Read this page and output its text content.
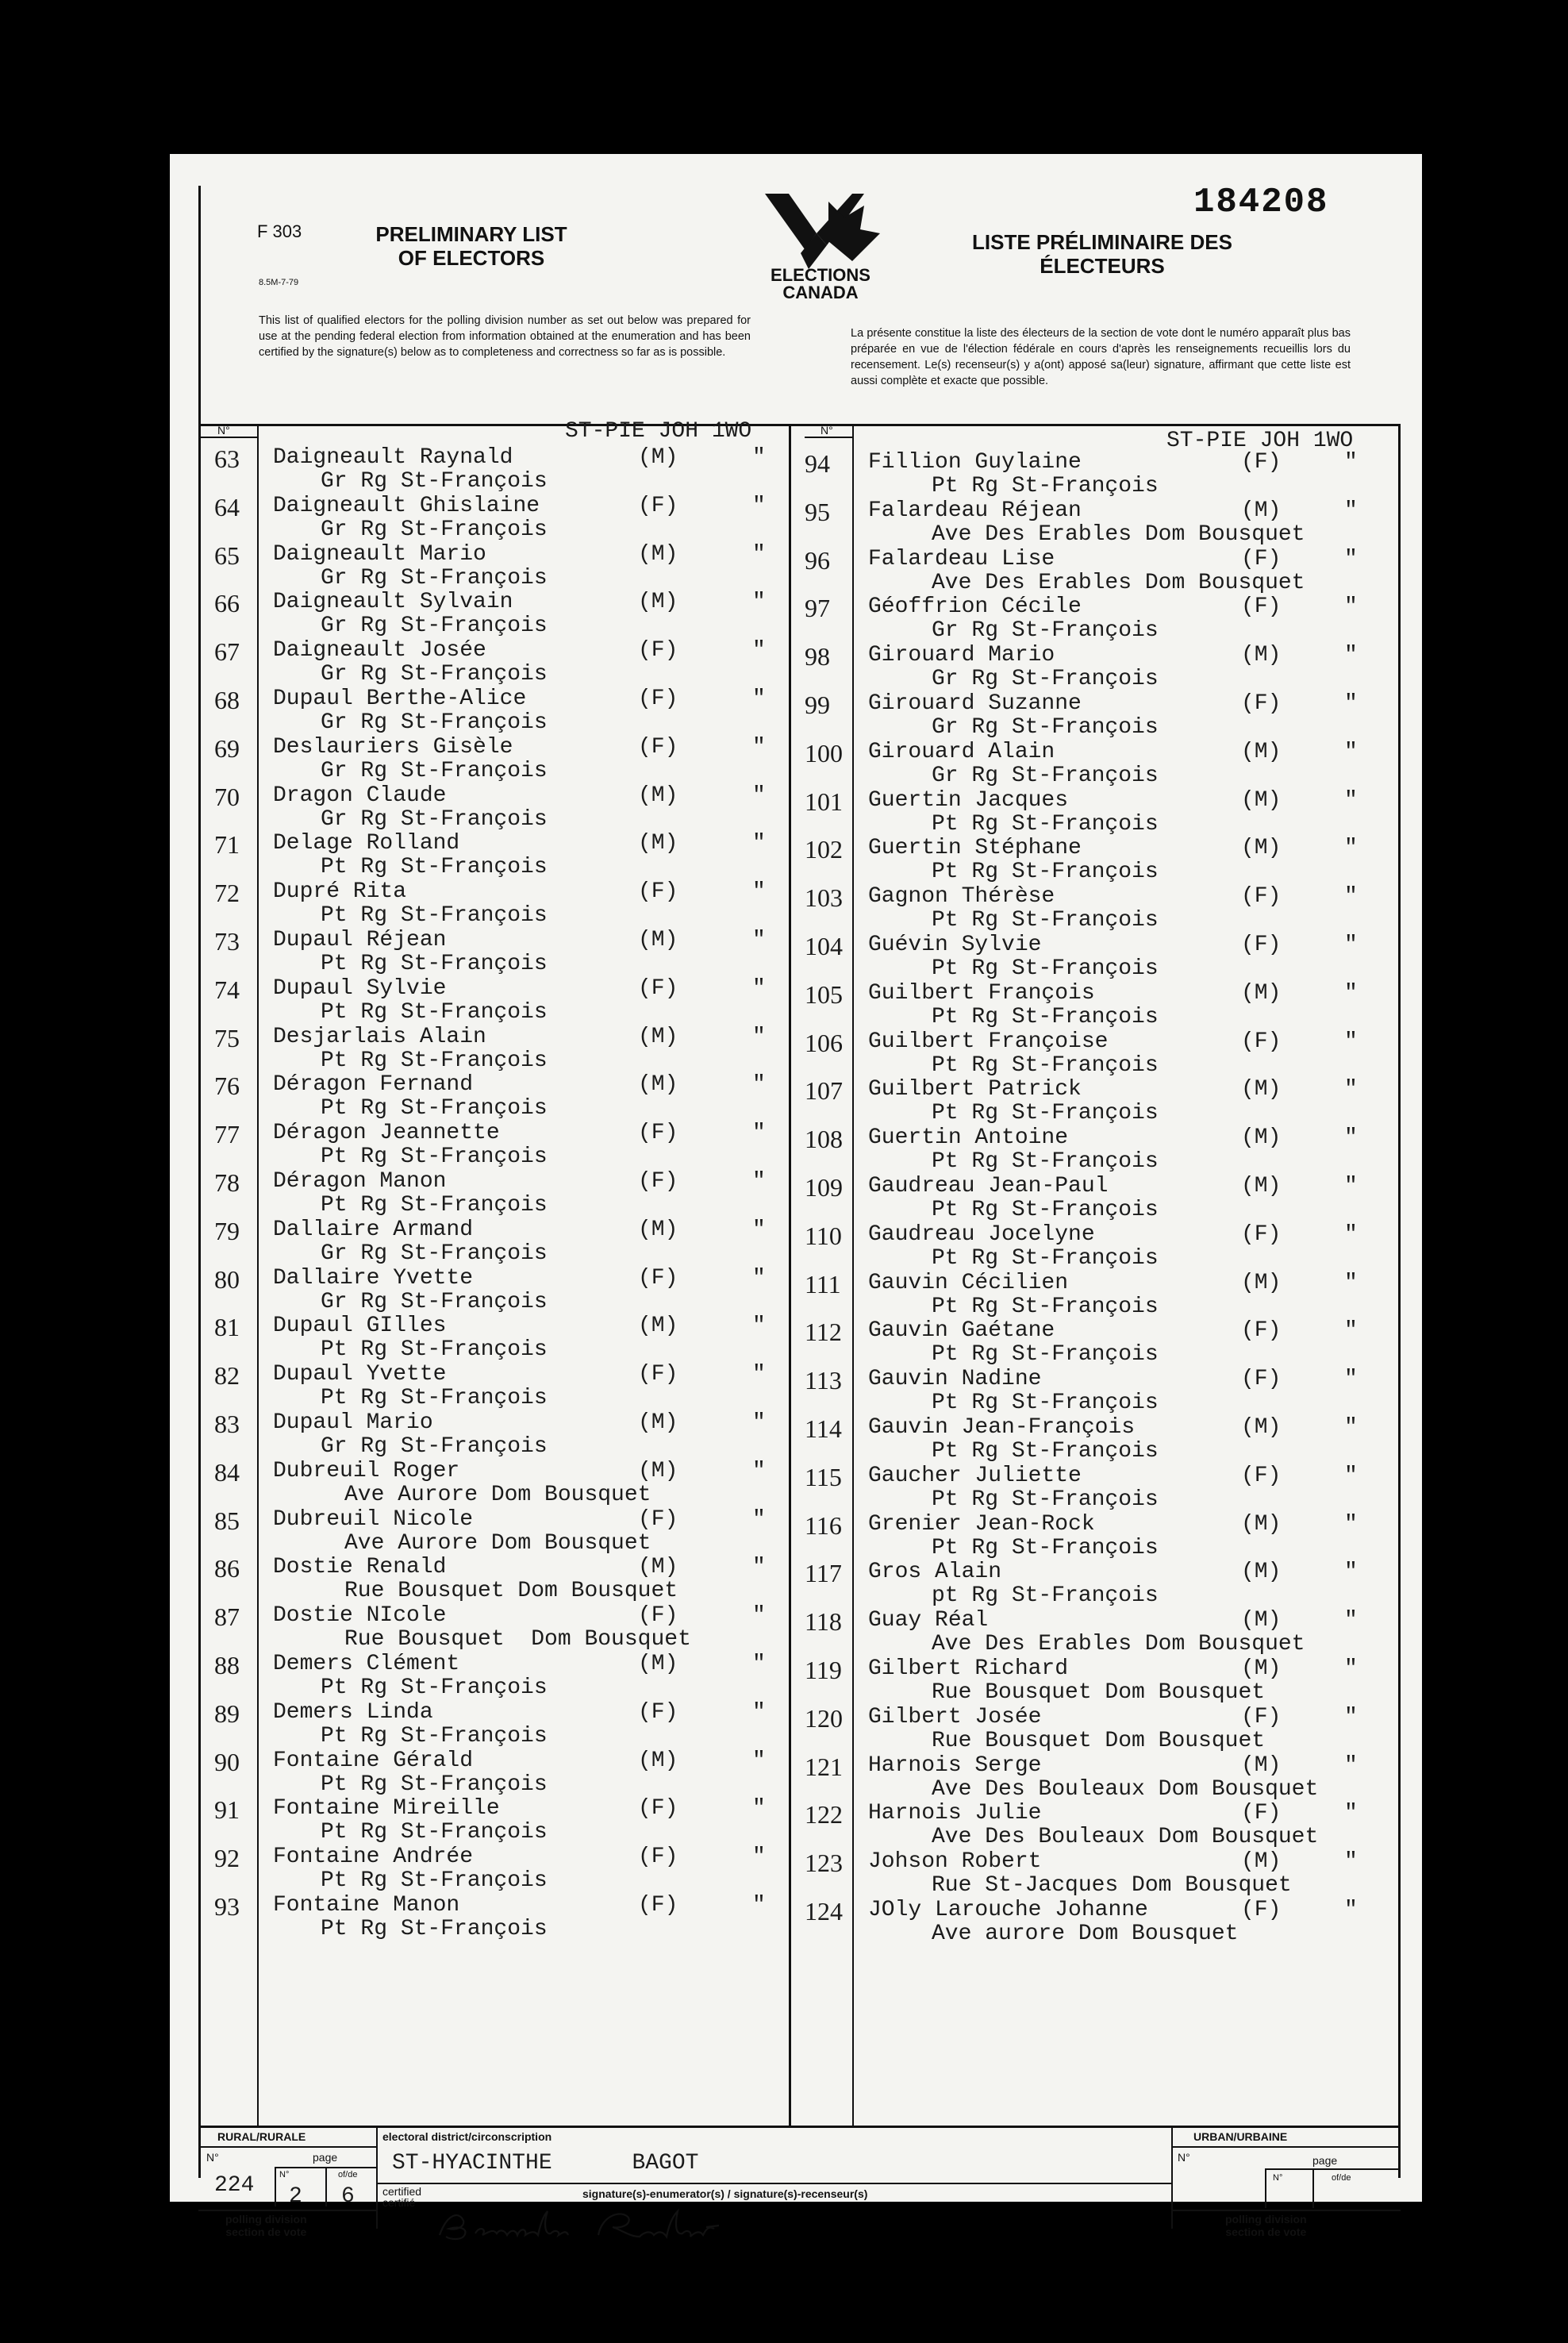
F 303
8.5M-7-79
PRELIMINARY LIST OF ELECTORS
ELECTIONS
CANADA
184208
LISTE PRÉLIMINAIRE DES ÉLECTEURS
This list of qualified electors for the polling division number as set out below was prepared for use at the pending federal election from information obtained at the enumeration and has been certified by the signature(s) below as to completeness and correctness so far as is possible.
La présente constitue la liste des électeurs de la section de vote dont le numéro apparaît plus bas préparée en vue de l'élection fédérale en cours d'après les renseignements recueillis lors du recensement. Le(s) recenseur(s) y a(ont) apposé sa(leur) signature, affirmant que cette liste est aussi complète et exacte que possible.
N°	N°
ST-PIE JOH 1WO	ST-PIE JOH 1WO
63 Daigneault Raynald	(M)	"
Gr Rg St-François
64 Daigneault Ghislaine	(F)	"
Gr Rg St-François
65 Daigneault Mario	(M)	"
Gr Rg St-François
66 Daigneault Sylvain	(M)	"
Gr Rg St-François
67 Daigneault Josée	(F)	"
Gr Rg St-François
68 Dupaul Berthe-Alice	(F)	"
Gr Rg St-François
69 Deslauriers Gisèle	(F)	"
Gr Rg St-François
70 Dragon Claude	(M)	"
Gr Rg St-François
71 Delage Rolland	(M)	"
Pt Rg St-François
72 Dupré Rita	(F)	"
Pt Rg St-François
73 Dupaul Réjean	(M)	"
Pt Rg St-François
74 Dupaul Sylvie	(F)	"
Pt Rg St-François
75 Desjarlais Alain	(M)	"
Pt Rg St-François
76 Déragon Fernand	(M)	"
Pt Rg St-François
77 Déragon Jeannette	(F)	"
Pt Rg St-François
78 Déragon Manon	(F)	"
Pt Rg St-François
79 Dallaire Armand	(M)	"
Gr Rg St-François
80 Dallaire Yvette	(F)	"
Gr Rg St-François
81 Dupaul GIlles	(M)	"
Pt Rg St-François
82 Dupaul Yvette	(F)	"
Pt Rg St-François
83 Dupaul Mario	(M)	"
Gr Rg St-François
84 Dubreuil Roger	(M)	"
Ave Aurore Dom Bousquet
85 Dubreuil Nicole	(F)	"
Ave Aurore Dom Bousquet
86 Dostie Renald	(M)	"
Rue Bousquet Dom Bousquet
87 Dostie NIcole	(F)	"
Rue Bousquet  Dom Bousquet
88 Demers Clément	(M)	"
Pt Rg St-François
89 Demers Linda	(F)	"
Pt Rg St-François
90 Fontaine Gérald	(M)	"
Pt Rg St-François
91 Fontaine Mireille	(F)	"
Pt Rg St-François
92 Fontaine Andrée	(F)	"
Pt Rg St-François
93 Fontaine Manon	(F)	"
Pt Rg St-François
94 Fillion Guylaine	(F)	"
Pt Rg St-François
95 Falardeau Réjean	(M)	"
Ave Des Erables Dom Bousquet
96 Falardeau Lise	(F)	"
Ave Des Erables Dom Bousquet
97 Géoffrion Cécile	(F)	"
Gr Rg St-François
98 Girouard Mario	(M)	"
Gr Rg St-François
99 Girouard Suzanne	(F)	"
Gr Rg St-François
100 Girouard Alain	(M)	"
Gr Rg St-François
101 Guertin Jacques	(M)	"
Pt Rg St-François
102 Guertin Stéphane	(M)	"
Pt Rg St-François
103 Gagnon Thérèse	(F)	"
Pt Rg St-François
104 Guévin Sylvie	(F)	"
Pt Rg St-François
105 Guilbert François	(M)	"
Pt Rg St-François
106 Guilbert Françoise	(F)	"
Pt Rg St-François
107 Guilbert Patrick	(M)	"
Pt Rg St-François
108 Guertin Antoine	(M)	"
Pt Rg St-François
109 Gaudreau Jean-Paul	(M)	"
Pt Rg St-François
110 Gaudreau Jocelyne	(F)	"
Pt Rg St-François
111 Gauvin Cécilien	(M)	"
Pt Rg St-François
112 Gauvin Gaétane	(F)	"
Pt Rg St-François
113 Gauvin Nadine	(F)	"
Pt Rg St-François
114 Gauvin Jean-François	(M)	"
Pt Rg St-François
115 Gaucher Juliette	(F)	"
Pt Rg St-François
116 Grenier Jean-Rock	(M)	"
Pt Rg St-François
117 Gros Alain	(M)	"
pt Rg St-François
118 Guay Réal	(M)	"
Ave Des Erables Dom Bousquet
119 Gilbert Richard	(M)	"
Rue Bousquet Dom Bousquet
120 Gilbert Josée	(F)	"
Rue Bousquet Dom Bousquet
121 Harnois Serge	(M)	"
Ave Des Bouleaux Dom Bousquet
122 Harnois Julie	(F)	"
Ave Des Bouleaux Dom Bousquet
123 Johson Robert	(M)	"
Rue St-Jacques Dom Bousquet
124 JOly Larouche Johanne	(F)	"
Ave aurore Dom Bousquet
RURAL/RURALE
N°	page
N°	of/de
224 2 6
polling division
section de vote
electoral district/circonscription
ST-HYACINTHE      BAGOT
certified
certifié
signature(s)-enumerator(s) / signature(s)-recenseur(s)
URBAN/URBAINE
N°	page
N°	of/de
polling division
section de vote
